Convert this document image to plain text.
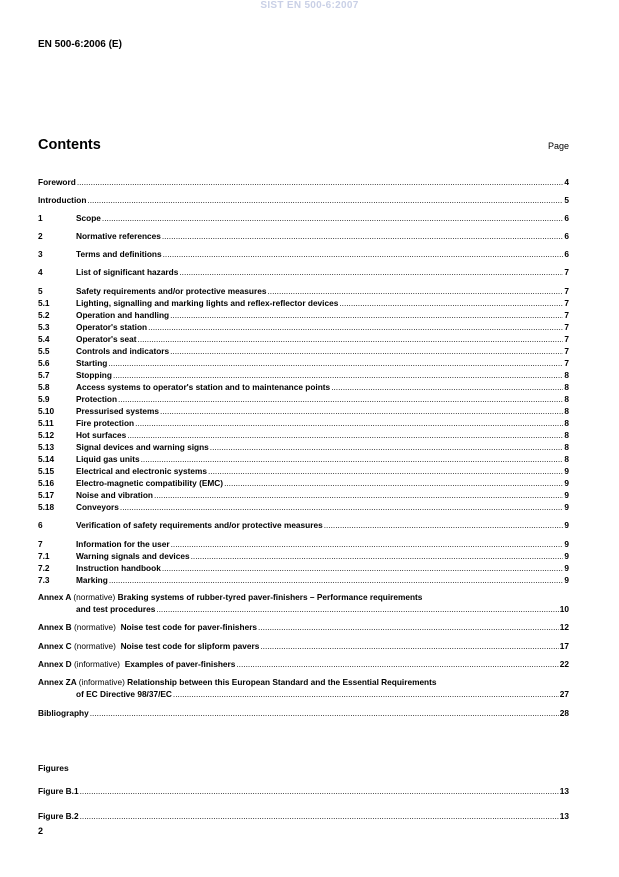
SIST EN 500-6:2007
EN 500-6:2006 (E)
Contents	Page
Foreword .....	4
Introduction .....	5
1	Scope .....	6
2	Normative references .....	6
3	Terms and definitions .....	6
4	List of significant hazards .....	7
5	Safety requirements and/or protective measures .....	7
5.1	Lighting, signalling and marking lights and reflex-reflector devices .....	7
5.2	Operation and handling .....	7
5.3	Operator's station .....	7
5.4	Operator's seat .....	7
5.5	Controls and indicators .....	7
5.6	Starting .....	7
5.7	Stopping .....	8
5.8	Access systems to operator's station and to maintenance points .....	8
5.9	Protection .....	8
5.10	Pressurised systems .....	8
5.11	Fire protection .....	8
5.12	Hot surfaces .....	8
5.13	Signal devices and warning signs .....	8
5.14	Liquid gas units .....	8
5.15	Electrical and electronic systems .....	9
5.16	Electro-magnetic compatibility (EMC) .....	9
5.17	Noise and vibration .....	9
5.18	Conveyors .....	9
6	Verification of safety requirements and/or protective measures .....	9
7	Information for the user .....	9
7.1	Warning signals and devices .....	9
7.2	Instruction handbook .....	9
7.3	Marking .....	9
Annex A (normative) Braking systems of rubber-tyred paver-finishers – Performance requirements
and test procedures .....	10
Annex B (normative) Noise test code for paver-finishers .....	12
Annex C (normative) Noise test code for slipform pavers .....	17
Annex D (informative) Examples of paver-finishers .....	22
Annex ZA (informative) Relationship between this European Standard and the Essential Requirements
of EC Directive 98/37/EC .....	27
Bibliography .....	28
Figures
Figure B.1 .....	13
Figure B.2 .....	13
2
